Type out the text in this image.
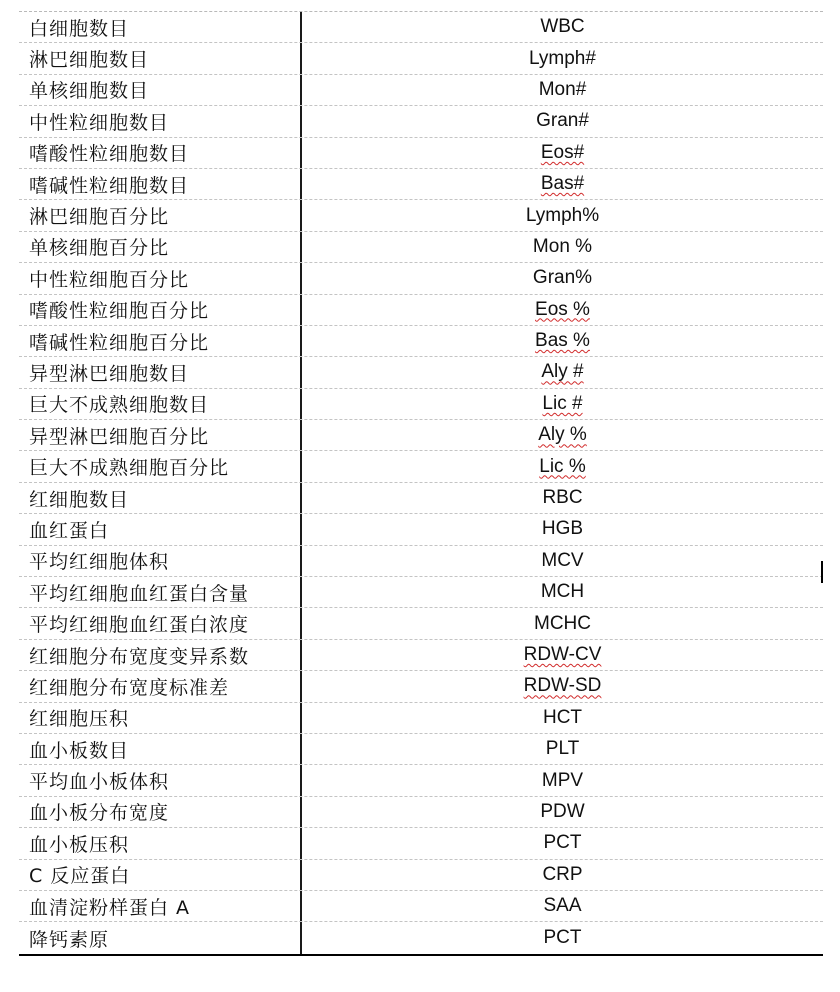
白细胞数目	WBC
淋巴细胞数目	Lymph#
单核细胞数目	Mon#
中性粒细胞数目	Gran#
嗜酸性粒细胞数目	Eos#
嗜碱性粒细胞数目	Bas#
淋巴细胞百分比	Lymph%
单核细胞百分比	Mon %
中性粒细胞百分比	Gran%
嗜酸性粒细胞百分比	Eos %
嗜碱性粒细胞百分比	Bas %
异型淋巴细胞数目	Aly #
巨大不成熟细胞数目	Lic #
异型淋巴细胞百分比	Aly %
巨大不成熟细胞百分比	Lic %
红细胞数目	RBC
血红蛋白	HGB
平均红细胞体积	MCV
平均红细胞血红蛋白含量	MCH
平均红细胞血红蛋白浓度	MCHC
红细胞分布宽度变异系数	RDW-CV
红细胞分布宽度标准差	RDW-SD
红细胞压积	HCT
血小板数目	PLT
平均血小板体积	MPV
血小板分布宽度	PDW
血小板压积	PCT
C 反应蛋白	CRP
血清淀粉样蛋白 A	SAA
降钙素原	PCT
